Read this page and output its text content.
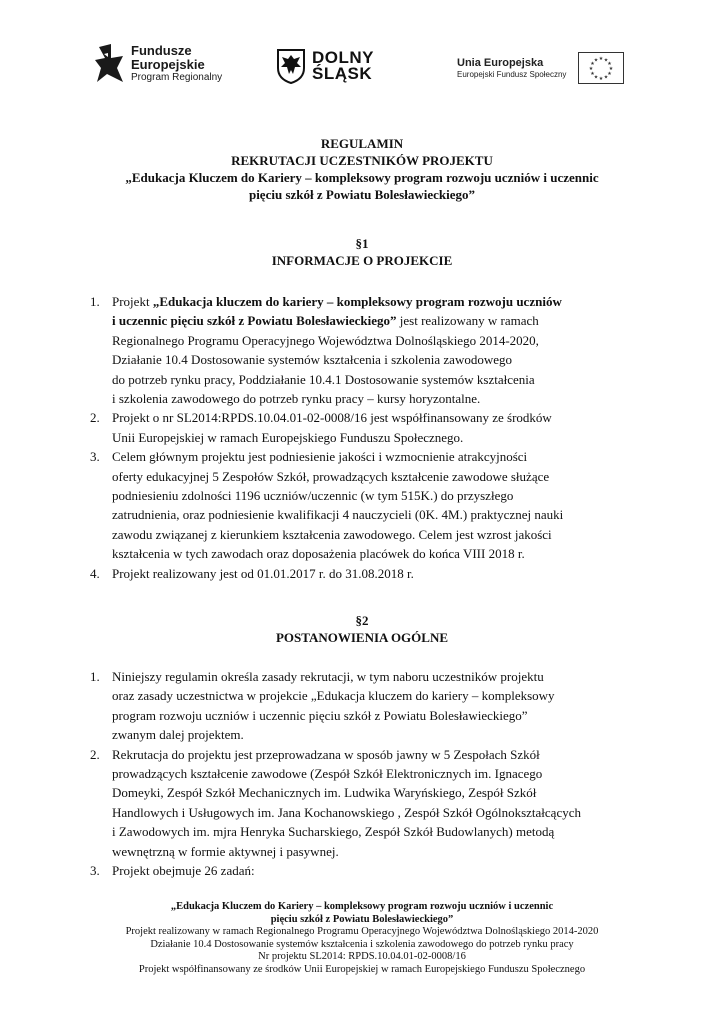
Fundusze
Europejskie
Program Regionalny
DOLNY
ŚLĄSK
Unia Europejska
Europejski Fundusz Społeczny
★ ★
★
★
★
★
★
★
★
★
★
★
REGULAMIN
REKRUTACJI UCZESTNIKÓW PROJEKTU
„Edukacja Kluczem do Kariery – kompleksowy program rozwoju uczniów i uczennic
pięciu szkół z Powiatu Bolesławieckiego”
§1
INFORMACJE O PROJEKCIE
1. Projekt „Edukacja kluczem do kariery – kompleksowy program rozwoju uczniów
i uczennic pięciu szkół z Powiatu Bolesławieckiego” jest realizowany w ramach
Regionalnego Programu Operacyjnego Województwa Dolnośląskiego 2014-2020,
Działanie 10.4 Dostosowanie systemów kształcenia i szkolenia zawodowego
do potrzeb rynku pracy, Poddziałanie 10.4.1 Dostosowanie systemów kształcenia
i szkolenia zawodowego do potrzeb rynku pracy – kursy horyzontalne.
2. Projekt o nr SL2014:RPDS.10.04.01-02-0008/16 jest współfinansowany ze środków
Unii Europejskiej w ramach Europejskiego Funduszu Społecznego.
3. Celem głównym projektu jest podniesienie jakości i wzmocnienie atrakcyjności
oferty edukacyjnej 5 Zespołów Szkół, prowadzących kształcenie zawodowe służące
podniesieniu zdolności 1196 uczniów/uczennic (w tym 515K.) do przyszłego
zatrudnienia, oraz podniesienie kwalifikacji 4 nauczycieli (0K. 4M.) praktycznej nauki
zawodu związanej z kierunkiem kształcenia zawodowego. Celem jest wzrost jakości
kształcenia w tych zawodach oraz doposażenia placówek do końca VIII 2018 r.
4. Projekt realizowany jest od 01.01.2017 r. do 31.08.2018 r.
§2
POSTANOWIENIA OGÓLNE
1. Niniejszy regulamin określa zasady rekrutacji, w tym naboru uczestników projektu
oraz zasady uczestnictwa w projekcie „Edukacja kluczem do kariery – kompleksowy
program rozwoju uczniów i uczennic pięciu szkół z Powiatu Bolesławieckiego”
zwanym dalej projektem.
2. Rekrutacja do projektu jest przeprowadzana w sposób jawny w 5 Zespołach Szkół
prowadzących kształcenie zawodowe (Zespół Szkół Elektronicznych im. Ignacego
Domeyki, Zespół Szkół Mechanicznych im. Ludwika Waryńskiego, Zespół Szkół
Handlowych i Usługowych im. Jana Kochanowskiego , Zespół Szkół Ogólnokształcących
i Zawodowych im. mjra Henryka Sucharskiego, Zespół Szkół Budowlanych) metodą
wewnętrzną w formie aktywnej i pasywnej.
3. Projekt obejmuje 26 zadań:
„Edukacja Kluczem do Kariery – kompleksowy program rozwoju uczniów i uczennic
pięciu szkół z Powiatu Bolesławieckiego”
Projekt realizowany w ramach Regionalnego Programu Operacyjnego Województwa Dolnośląskiego 2014-2020
Działanie 10.4 Dostosowanie systemów kształcenia i szkolenia zawodowego do potrzeb rynku pracy
Nr projektu SL2014: RPDS.10.04.01-02-0008/16
Projekt współfinansowany ze środków Unii Europejskiej w ramach Europejskiego Funduszu Społecznego
